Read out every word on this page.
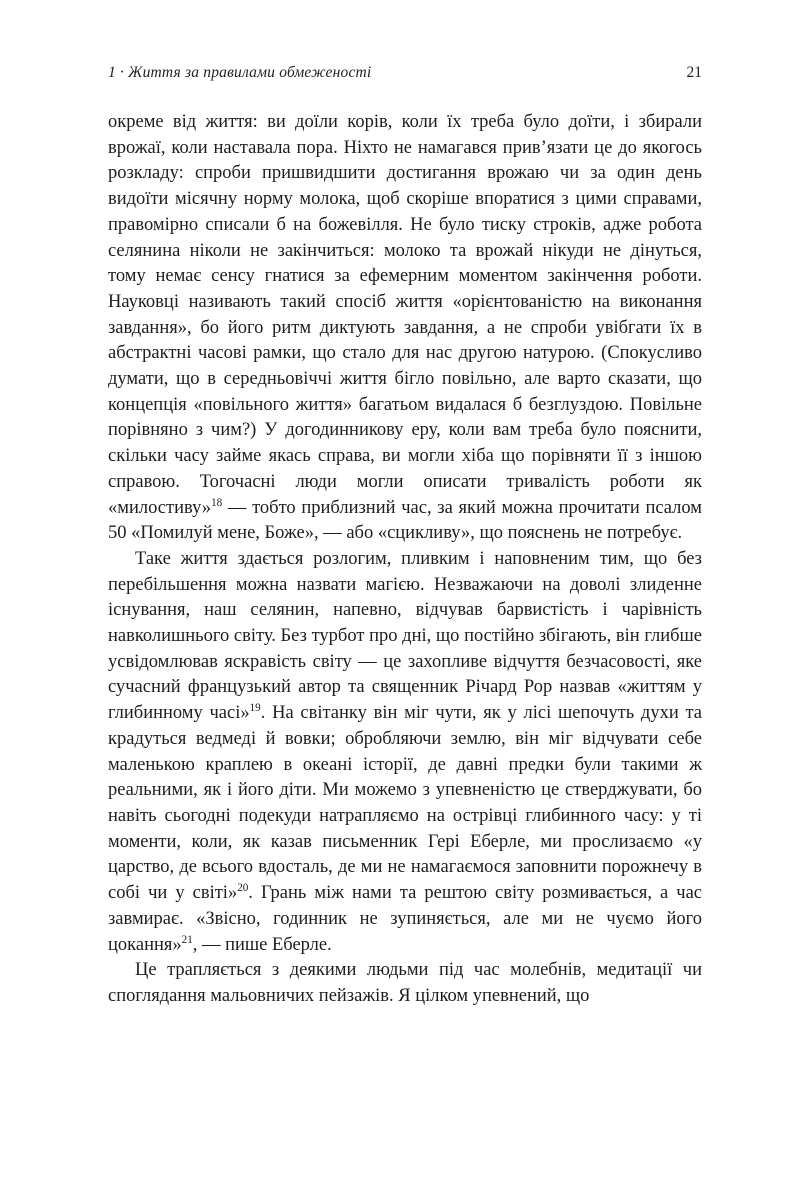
1 · Життя за правилами обмеженості	21

окреме від життя: ви доїли корів, коли їх треба було доїти, і збирали врожаї, коли наставала пора. Ніхто не намагався прив’язати це до якогось розкладу: спроби пришвидшити достигання врожаю чи за один день видоїти місячну норму молока, щоб скоріше впоратися з цими справами, правомірно списали б на божевілля. Не було тиску строків, адже робота селянина ніколи не закінчиться: молоко та врожай нікуди не дінуться, тому немає сенсу гнатися за ефемерним моментом закінчення роботи. Науковці називають такий спосіб життя «орієнтованістю на виконання завдання», бо його ритм диктують завдання, а не спроби увібгати їх в абстрактні часові рамки, що стало для нас другою натурою. (Спокусливо думати, що в середньовіччі життя бігло повільно, але варто сказати, що концепція «повільного життя» багатьом видалася б безглуздою. Повільне порівняно з чим?) У догодинникову еру, коли вам треба було пояснити, скільки часу займе якась справа, ви могли хіба що порівняти її з іншою справою. Тогочасні люди могли описати тривалість роботи як «милостиву»$^{18}$ — тобто приблизний час, за який можна прочитати псалом 50 «Помилуй мене, Боже», — або «сцикливу», що пояснень не потребує.

Таке життя здається розлогим, пливким і наповненим тим, що без перебільшення можна назвати магією. Незважаючи на доволі злиденне існування, наш селянин, напевно, відчував барвистість і чарівність навколишнього світу. Без турбот про дні, що постійно збігають, він глибше усвідомлював яскравість світу — це захопливе відчуття безчасовості, яке сучасний французький автор та священник Річард Рор назвав «життям у глибинному часі»$^{19}$. На світанку він міг чути, як у лісі шепочуть духи та крадуться ведмеді й вовки; обробляючи землю, він міг відчувати себе маленькою краплею в океані історії, де давні предки були такими ж реальними, як і його діти. Ми можемо з упевненістю це стверджувати, бо навіть сьогодні подекуди натрапляємо на острівці глибинного часу: у ті моменти, коли, як казав письменник Гері Еберле, ми прослизаємо «у царство, де всього вдосталь, де ми не намагаємося заповнити порожнечу в собі чи у світі»$^{20}$. Грань між нами та рештою світу розмивається, а час завмирає. «Звісно, годинник не зупиняється, але ми не чуємо його цокання»$^{21}$, — пише Еберле.

Це трапляється з деякими людьми під час молебнів, медитації чи споглядання мальовничих пейзажів. Я цілком упевнений, що
